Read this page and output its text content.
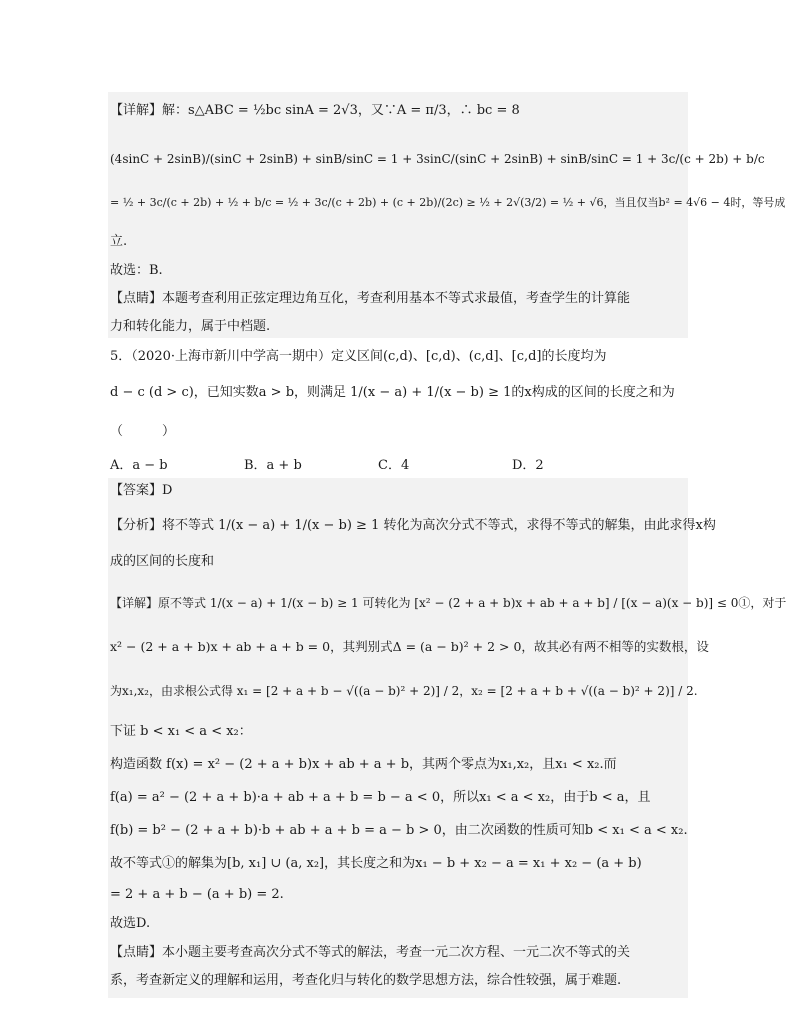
【详解】解：s△ABC = ½bc sinA = 2√3，又∵A = π/3，∴ bc = 8
(4sinC + 2sinB)/(sinC + 2sinB) + sinB/sinC = 1 + 3sinC/(sinC + 2sinB) + sinB/sinC = 1 + 3c/(c + 2b) + b/c
= ½ + 3c/(c + 2b) + ½ + b/c = ½ + 3c/(c + 2b) + (c + 2b)/(2c) ≥ ½ + 2√(3/2) = ½ + √6，当且仅当b² = 4√6 − 4时，等号成
立.
故选：B.
【点睛】本题考查利用正弦定理边角互化，考查利用基本不等式求最值，考查学生的计算能
力和转化能力，属于中档题.
5．（2020·上海市新川中学高一期中）定义区间(c,d)、[c,d)、(c,d]、[c,d]的长度均为
d − c (d > c)，已知实数a > b，则满足 1/(x − a) + 1/(x − b) ≥ 1的x构成的区间的长度之和为
（　　　）
A．a − b	B．a + b	C．4	D．2
【答案】D
【分析】将不等式 1/(x − a) + 1/(x − b) ≥ 1 转化为高次分式不等式，求得不等式的解集，由此求得x构
成的区间的长度和
【详解】原不等式 1/(x − a) + 1/(x − b) ≥ 1 可转化为 [x² − (2 + a + b)x + ab + a + b] / [(x − a)(x − b)] ≤ 0①，对于
x² − (2 + a + b)x + ab + a + b = 0，其判别式Δ = (a − b)² + 2 > 0，故其必有两不相等的实数根，设
为x₁,x₂，由求根公式得 x₁ = [2 + a + b − √((a − b)² + 2)] / 2，x₂ = [2 + a + b + √((a − b)² + 2)] / 2.
下证 b < x₁ < a < x₂：
构造函数 f(x) = x² − (2 + a + b)x + ab + a + b，其两个零点为x₁,x₂，且x₁ < x₂.而
f(a) = a² − (2 + a + b)·a + ab + a + b = b − a < 0，所以x₁ < a < x₂，由于b < a，且
f(b) = b² − (2 + a + b)·b + ab + a + b = a − b > 0，由二次函数的性质可知b < x₁ < a < x₂.
故不等式①的解集为[b, x₁] ∪ (a, x₂]，其长度之和为x₁ − b + x₂ − a = x₁ + x₂ − (a + b)
= 2 + a + b − (a + b) = 2.
故选D.
【点睛】本小题主要考查高次分式不等式的解法，考查一元二次方程、一元二次不等式的关
系，考查新定义的理解和运用，考查化归与转化的数学思想方法，综合性较强，属于难题.
